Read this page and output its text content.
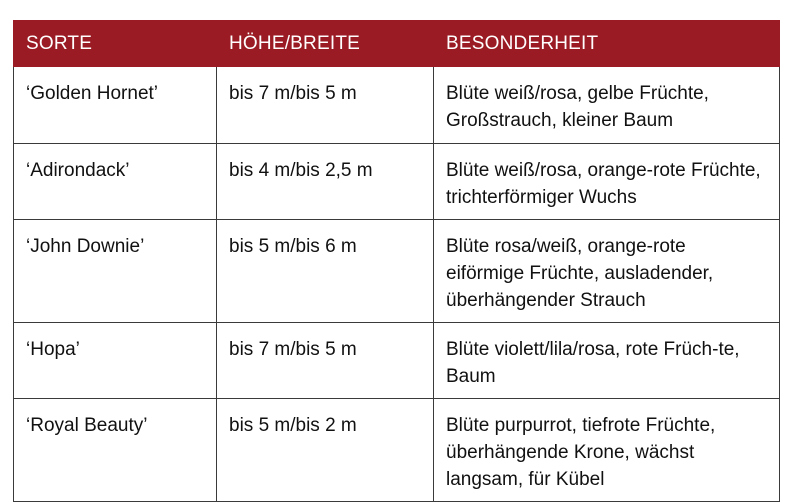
SORTE	HÖHE/BREITE	BESONDERHEIT
‘Golden Hornet’	bis 7 m/bis 5 m	Blüte weiß/rosa, gelbe Früchte, Großstrauch, kleiner Baum
‘Adirondack’	bis 4 m/bis 2,5 m	Blüte weiß/rosa, orange-rote Früchte, trichterförmiger Wuchs
‘John Downie’	bis 5 m/bis 6 m	Blüte rosa/weiß, orange-rote eiförmige Früchte, ausladender, überhängender Strauch
‘Hopa’	bis 7 m/bis 5 m	Blüte violett/lila/rosa, rote Früch-te, Baum
‘Royal Beauty’	bis 5 m/bis 2 m	Blüte purpurrot, tiefrote Früchte, überhängende Krone, wächst langsam, für Kübel
